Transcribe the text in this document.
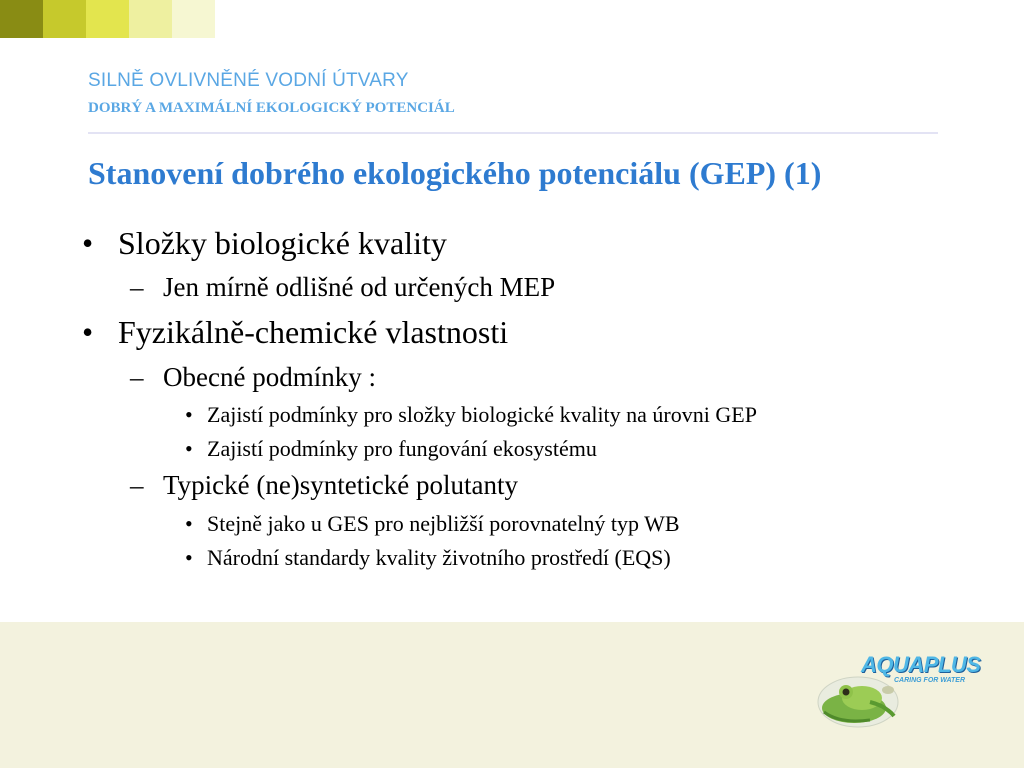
SILNĚ OVLIVNĚNÉ VODNÍ ÚTVARY
DOBRÝ A MAXIMÁLNÍ EKOLOGICKÝ POTENCIÁL
Stanovení dobrého ekologického potenciálu (GEP) (1)
• Složky biologické kvality
– Jen mírně odlišné od určených MEP
• Fyzikálně-chemické vlastnosti
– Obecné podmínky :
• Zajistí podmínky pro složky biologické kvality na úrovni GEP
• Zajistí podmínky pro fungování ekosystému
– Typické (ne)syntetické polutanty
• Stejně jako u GES pro nejbližší porovnatelný typ WB
• Národní standardy kvality životního prostředí (EQS)
AQUAPLUS
CARING FOR WATER
